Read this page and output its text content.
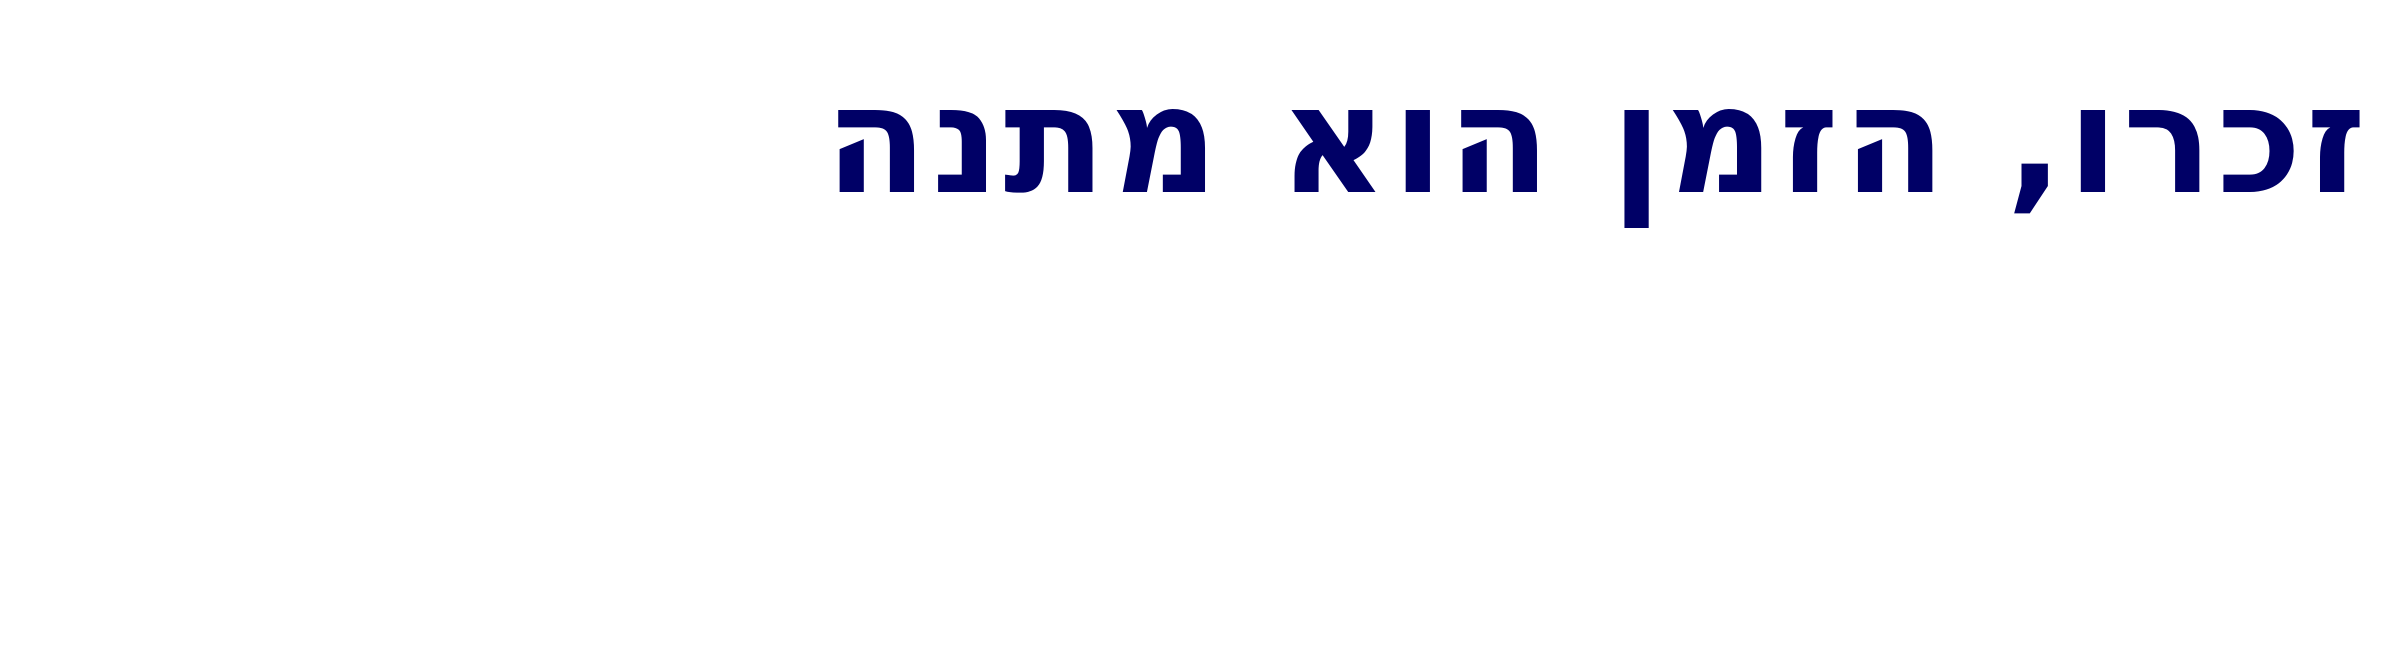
זכרו, הזמן הוא מתנה
